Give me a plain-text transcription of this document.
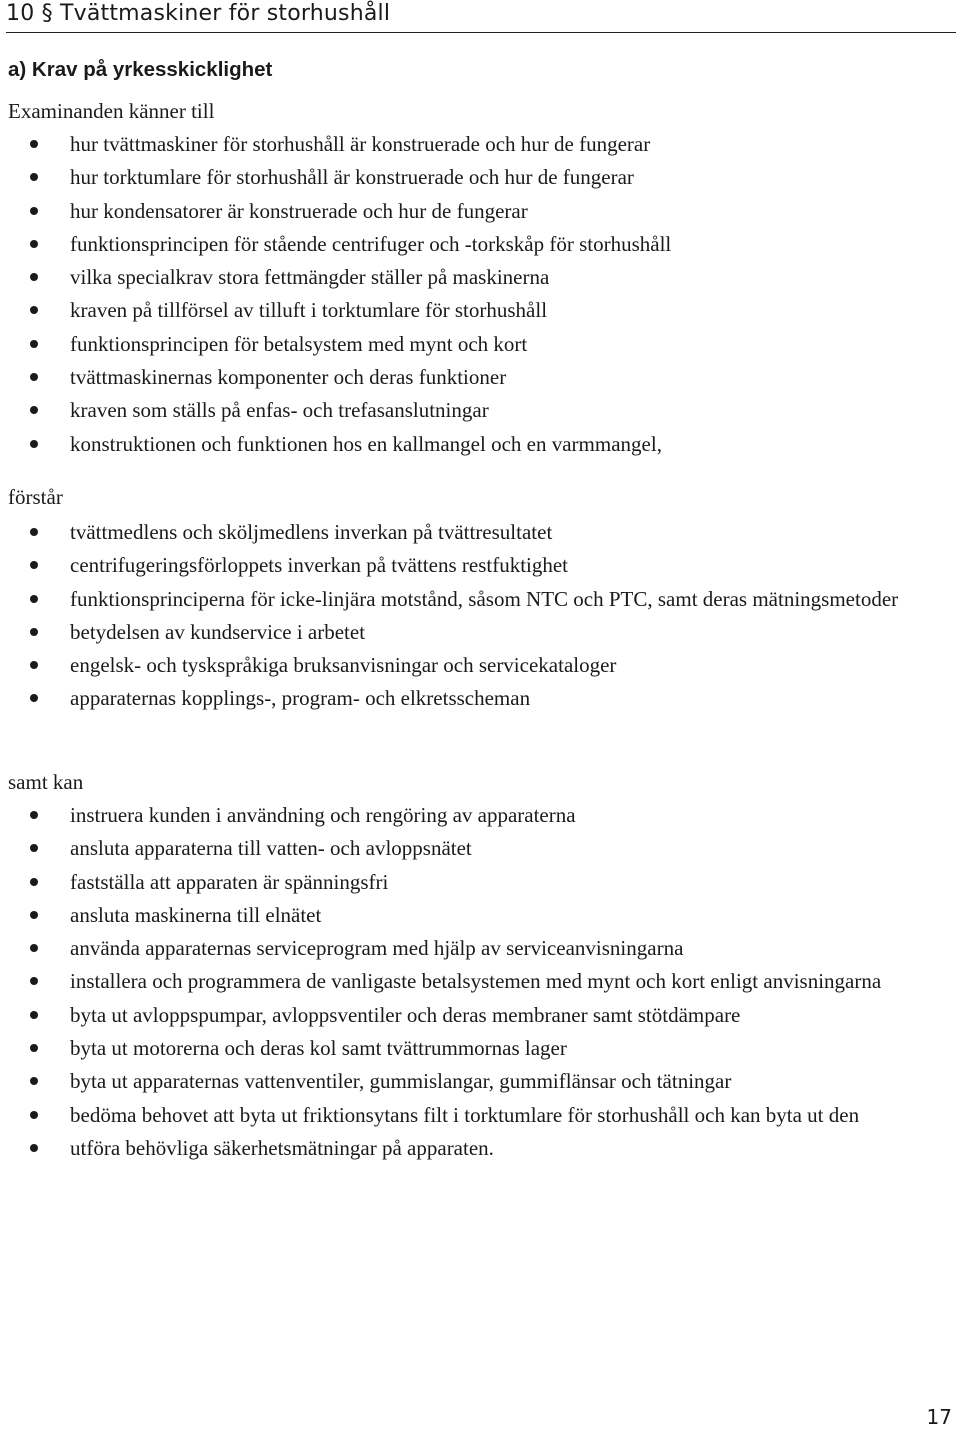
10 § Tvättmaskiner för storhushåll
a) Krav på yrkesskicklighet
Examinanden känner till
hur tvättmaskiner för storhushåll är konstruerade och hur de fungerar
hur torktumlare för storhushåll är konstruerade och hur de fungerar
hur kondensatorer är konstruerade och hur de fungerar
funktionsprincipen för stående centrifuger och -torkskåp för storhushåll
vilka specialkrav stora fettmängder ställer på maskinerna
kraven på tillförsel av tilluft i torktumlare för storhushåll
funktionsprincipen för betalsystem med mynt och kort
tvättmaskinernas komponenter och deras funktioner
kraven som ställs på enfas- och trefasanslutningar
konstruktionen och funktionen hos en kallmangel och en varmmangel,
förstår
tvättmedlens och sköljmedlens inverkan på tvättresultatet
centrifugeringsförloppets inverkan på tvättens restfuktighet
funktionsprinciperna för icke-linjära motstånd, såsom NTC och PTC, samt deras mätningsmetoder
betydelsen av kundservice i arbetet
engelsk- och tyskspråkiga bruksanvisningar och servicekataloger
apparaternas kopplings-, program- och elkretsscheman
samt kan
instruera kunden i användning och rengöring av apparaterna
ansluta apparaterna till vatten- och avloppsnätet
fastställa att apparaten är spänningsfri
ansluta maskinerna till elnätet
använda apparaternas serviceprogram med hjälp av serviceanvisningarna
installera och programmera de vanligaste betalsystemen med mynt och kort enligt anvisningarna
byta ut avloppspumpar, avloppsventiler och deras membraner samt stötdämpare
byta ut motorerna och deras kol samt tvättrummornas lager
byta ut apparaternas vattenventiler, gummislangar, gummiflänsar och tätningar
bedöma behovet att byta ut friktionsytans filt i torktumlare för storhushåll och kan byta ut den
utföra behövliga säkerhetsmätningar på apparaten.
17
